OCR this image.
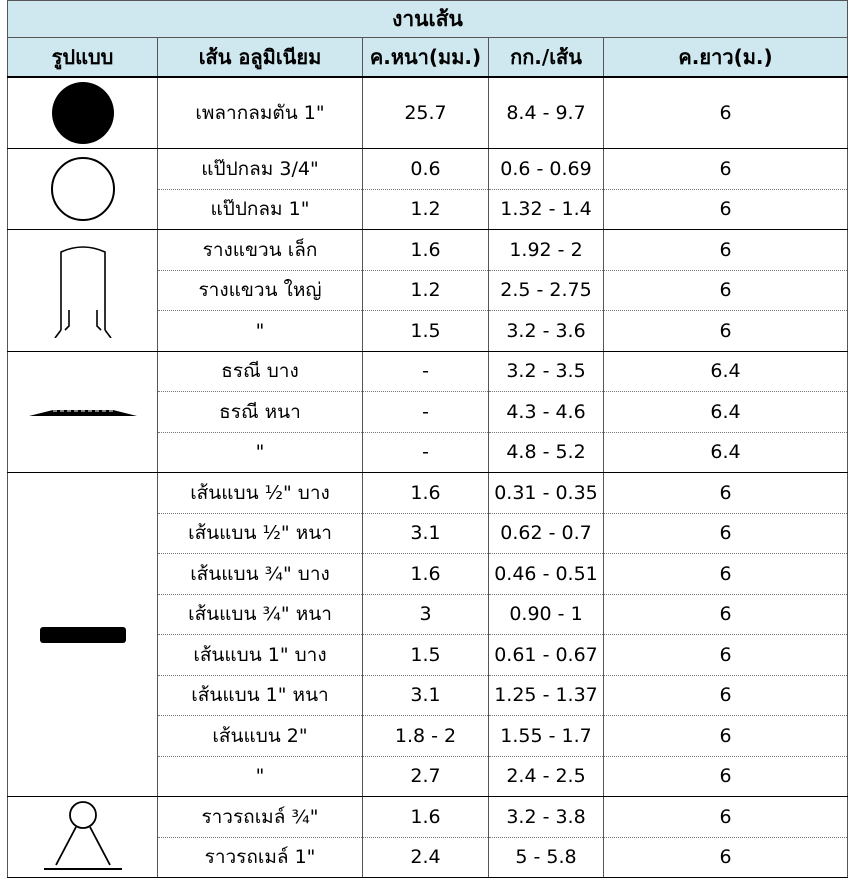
งานเส้น				
รูปแบบ	เส้น อลูมิเนียม	ค.หนา(มม.)	กก./เส้น	ค.ยาว(ม.)

	เพลากลมตัน 1"	25.7	8.4 - 9.7	6

	แป๊ปกลม 3/4"	0.6	0.6 - 0.69	6
	แป๊ปกลม 1"	1.2	1.32 - 1.4	6

	รางแขวน เล็ก	1.6	1.92 - 2	6
	รางแขวน ใหญ่	1.2	2.5 - 2.75	6
	"	1.5	3.2 - 3.6	6

	ธรณี บาง	-	3.2 - 3.5	6.4
	ธรณี หนา	-	4.3 - 4.6	6.4
	"	-	4.8 - 5.2	6.4

	เส้นแบน ½" บาง	1.6	0.31 - 0.35	6
	เส้นแบน ½" หนา	3.1	0.62 - 0.7	6
	เส้นแบน ¾" บาง	1.6	0.46 - 0.51	6
	เส้นแบน ¾" หนา	3	0.90 - 1	6
	เส้นแบน 1" บาง	1.5	0.61 - 0.67	6
	เส้นแบน 1" หนา	3.1	1.25 - 1.37	6
	เส้นแบน 2"	1.8 - 2	1.55 - 1.7	6
	"	2.7	2.4 - 2.5	6

	ราวรถเมล์ ¾"	1.6	3.2 - 3.8	6
	ราวรถเมล์ 1"	2.4	5 - 5.8	6
